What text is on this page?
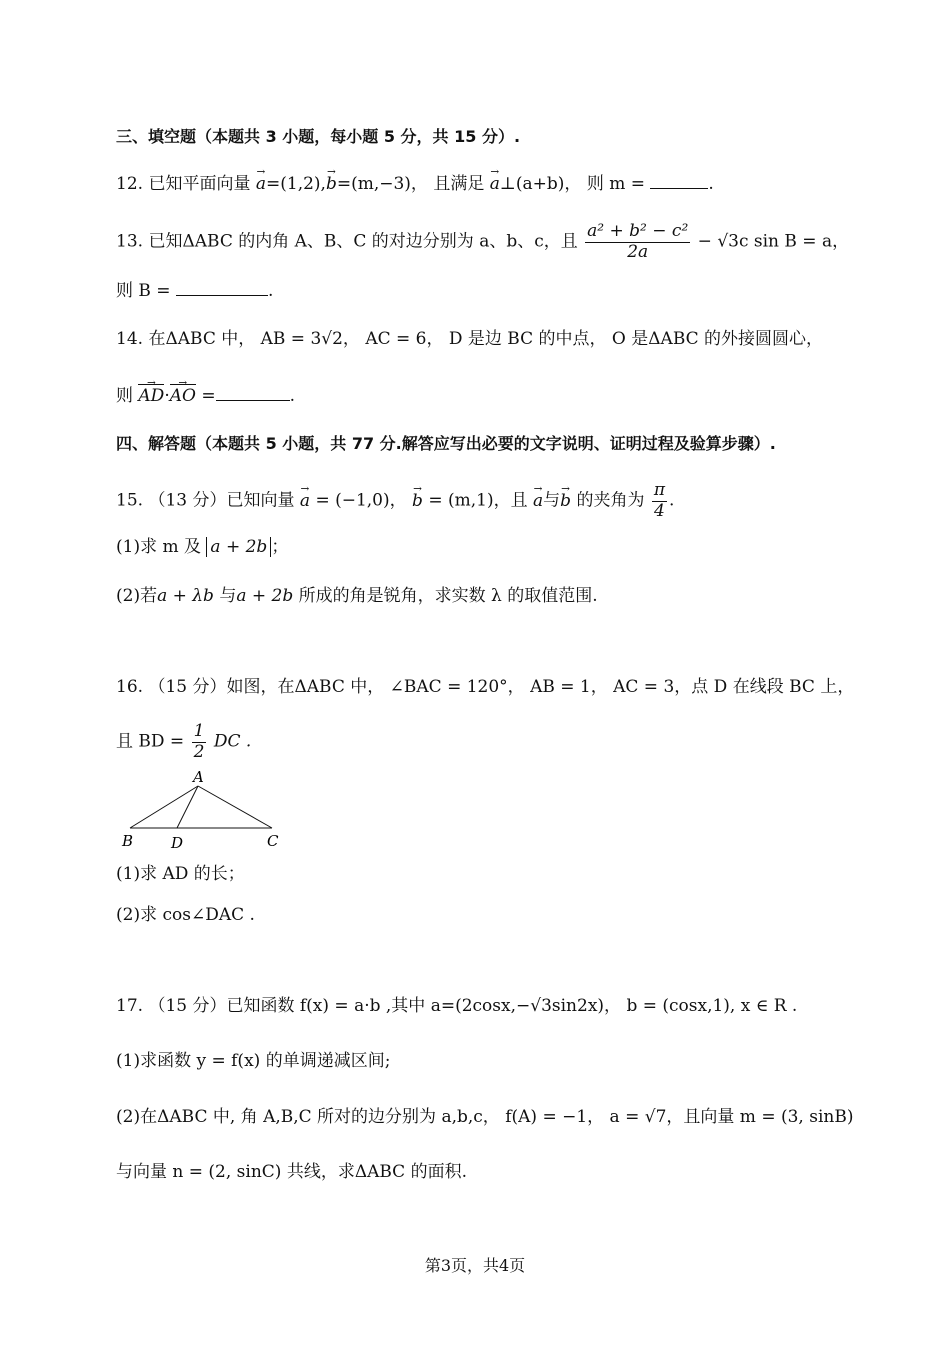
三、填空题（本题共 3 小题，每小题 5 分，共 15 分）.
12. 已知平面向量 → a=(1,2),→ b=(m,−3)， 且满足 → a⊥(a+b)， 则 m =	.
13. 已知ΔABC 的内角 A、B、C 的对边分别为 a、b、c，且 $\frac{\text{a² + b² − c²}}{2a} - √3c$ sin B = a，
则 B =	.
14. 在ΔABC 中， AB = 3√2， AC = 6， D 是边 BC 的中点， O 是ΔABC 的外接圆圆心，
则 → AD·→ AO =	.
四、解答题（本题共 5 小题，共 77 分.解答应写出必要的文字说明、证明过程及验算步骤）.
15. （13 分）已知向量 → a = (−1,0)， → b = (m,1)，且 → a与→ b 的夹角为 $\frac{\pi}{4}$ .
(1)求 m 及 a + 2b ；
(2)若a + λb 与a + 2b 所成的角是锐角，求实数 λ 的取值范围.
16. （15 分）如图，在ΔABC 中， ∠BAC = 120°， AB = 1， AC = 3，点 D 在线段 BC 上，
且 BD = $\frac{1}{2}$ DC .
A
B	D	C
(1)求 AD 的长；
(2)求 cos∠DAC .
17. （15 分）已知函数 f(x) = a·b ,其中 a=(2cosx,−√3sin2x)， b = (cosx,1), x ∈ R .
(1)求函数 y = f(x) 的单调递减区间;
(2)在ΔABC 中, 角 A,B,C 所对的边分别为 a,b,c， f(A) = −1， a = √7，且向量 m = (3, sinB)
与向量 n = (2, sinC) 共线，求ΔABC 的面积.
第3页，共4页
